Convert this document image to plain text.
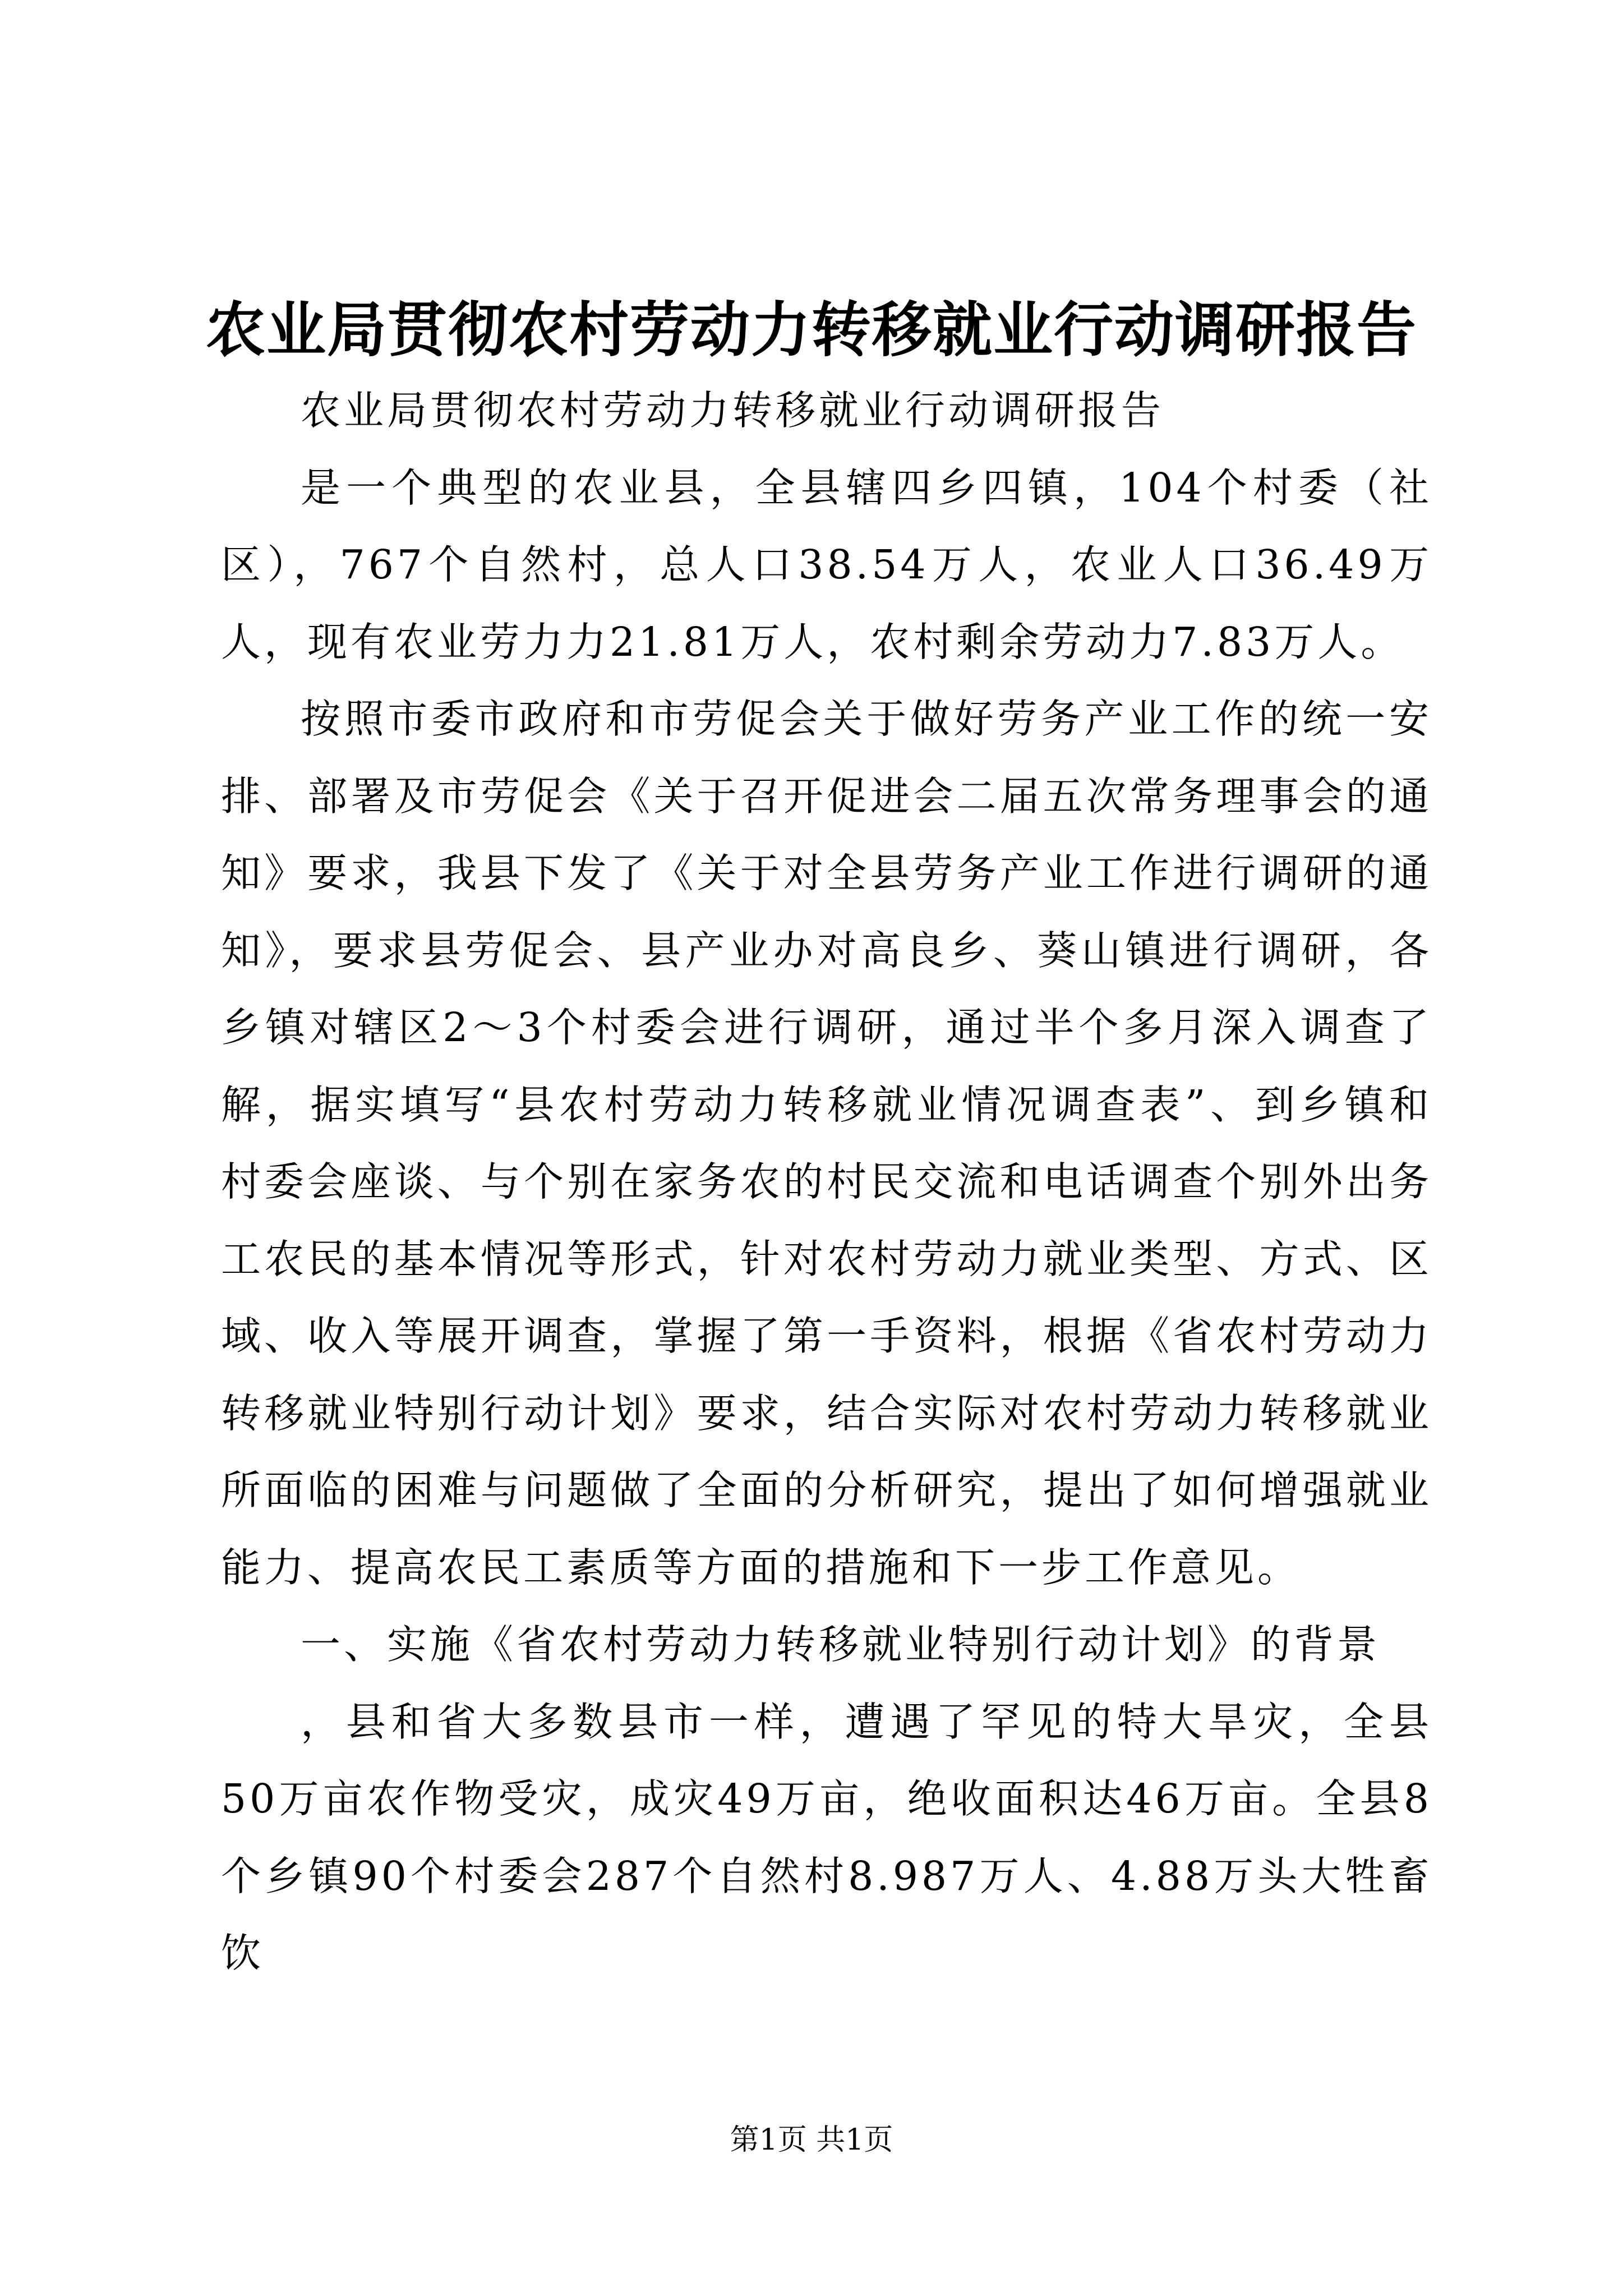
农业局贯彻农村劳动力转移就业行动调研报告

农业局贯彻农村劳动力转移就业行动调研报告

是一个典型的农业县，全县辖四乡四镇，104个村委（社区），767个自然村，总人口38.54万人，农业人口36.49万人，现有农业劳力力21.81万人，农村剩余劳动力7.83万人。

按照市委市政府和市劳促会关于做好劳务产业工作的统一安排、部署及市劳促会《关于召开促进会二届五次常务理事会的通知》要求，我县下发了《关于对全县劳务产业工作进行调研的通知》，要求县劳促会、县产业办对高良乡、葵山镇进行调研，各乡镇对辖区2～3个村委会进行调研，通过半个多月深入调查了解，据实填写“县农村劳动力转移就业情况调查表”、到乡镇和村委会座谈、与个别在家务农的村民交流和电话调查个别外出务工农民的基本情况等形式，针对农村劳动力就业类型、方式、区域、收入等展开调查，掌握了第一手资料，根据《省农村劳动力转移就业特别行动计划》要求，结合实际对农村劳动力转移就业所面临的困难与问题做了全面的分析研究，提出了如何增强就业能力、提高农民工素质等方面的措施和下一步工作意见。

一、实施《省农村劳动力转移就业特别行动计划》的背景

，县和省大多数县市一样，遭遇了罕见的特大旱灾，全县50万亩农作物受灾，成灾49万亩，绝收面积达46万亩。全县8个乡镇90个村委会287个自然村8.987万人、4.88万头大牲畜饮

第1页 共1页
